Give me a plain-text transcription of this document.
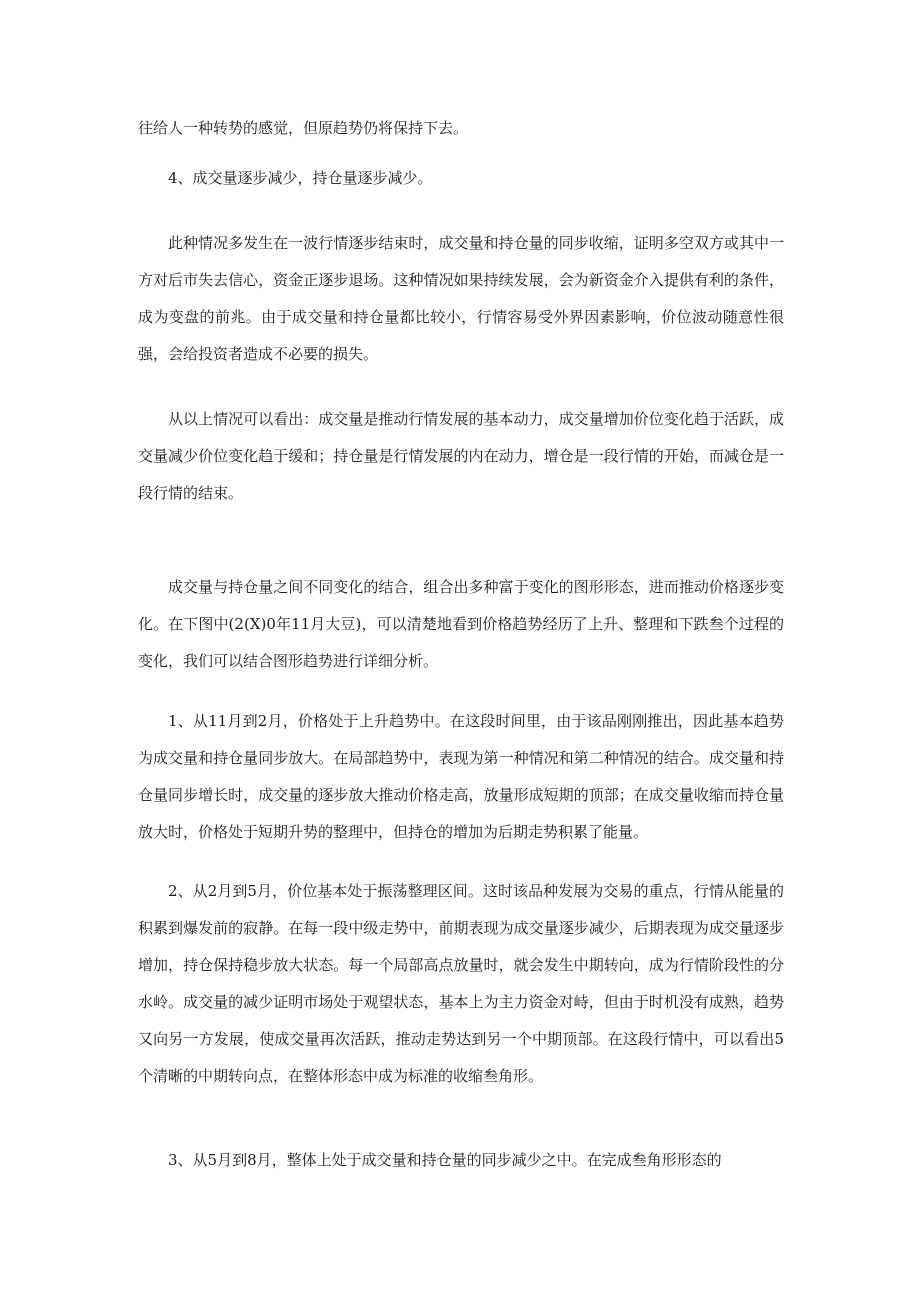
往给人一种转势的感觉，但原趋势仍将保持下去。

4、成交量逐步减少，持仓量逐步减少。

此种情况多发生在一波行情逐步结束时，成交量和持仓量的同步收缩，证明多空双方或其中一方对后市失去信心，资金正逐步退场。这种情况如果持续发展，会为新资金介入提供有利的条件，成为变盘的前兆。由于成交量和持仓量都比较小，行情容易受外界因素影响，价位波动随意性很强，会给投资者造成不必要的损失。

从以上情况可以看出：成交量是推动行情发展的基本动力，成交量增加价位变化趋于活跃，成交量减少价位变化趋于缓和；持仓量是行情发展的内在动力，增仓是一段行情的开始，而减仓是一段行情的结束。

成交量与持仓量之间不同变化的结合，组合出多种富于变化的图形形态，进而推动价格逐步变化。在下图中(2(X)0年11月大豆)，可以清楚地看到价格趋势经历了上升、整理和下跌叁个过程的变化，我们可以结合图形趋势进行详细分析。

1、从11月到2月，价格处于上升趋势中。在这段时间里，由于该品刚刚推出，因此基本趋势为成交量和持仓量同步放大。在局部趋势中，表现为第一种情况和第二种情况的结合。成交量和持仓量同步增长时，成交量的逐步放大推动价格走高，放量形成短期的顶部；在成交量收缩而持仓量放大时，价格处于短期升势的整理中，但持仓的增加为后期走势积累了能量。

2、从2月到5月，价位基本处于振荡整理区间。这时该品种发展为交易的重点，行情从能量的积累到爆发前的寂静。在每一段中级走势中，前期表现为成交量逐步减少，后期表现为成交量逐步增加，持仓保持稳步放大状态。每一个局部高点放量时，就会发生中期转向，成为行情阶段性的分水岭。成交量的减少证明市场处于观望状态，基本上为主力资金对峙，但由于时机没有成熟，趋势又向另一方发展，使成交量再次活跃，推动走势达到另一个中期顶部。在这段行情中，可以看出5个清晰的中期转向点，在整体形态中成为标准的收缩叁角形。

3、从5月到8月，整体上处于成交量和持仓量的同步减少之中。在完成叁角形形态的
